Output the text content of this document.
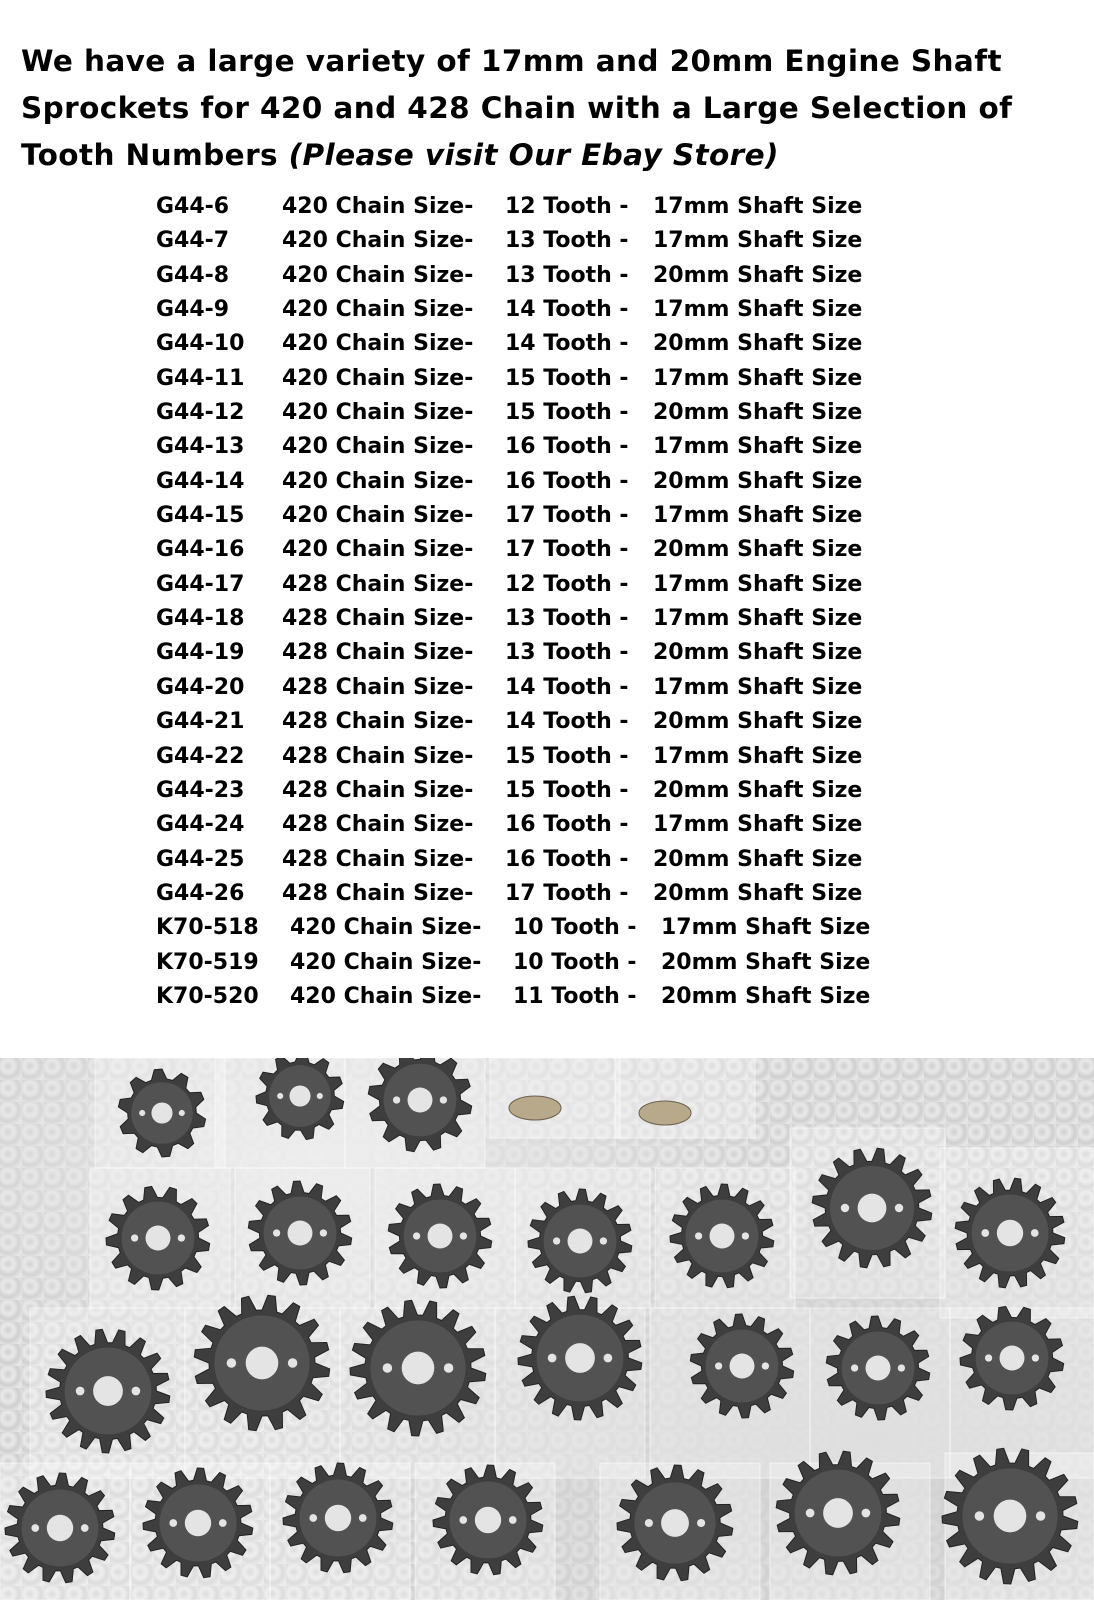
We have a large variety of 17mm and 20mm Engine Shaft
Sprockets for 420 and 428 Chain with a Large Selection of
Tooth Numbers (Please visit Our Ebay Store)
G44-6 420 Chain Size- 12 Tooth - 17mm Shaft Size
G44-7 420 Chain Size- 13 Tooth - 17mm Shaft Size
G44-8 420 Chain Size- 13 Tooth - 20mm Shaft Size
G44-9 420 Chain Size- 14 Tooth - 17mm Shaft Size
G44-10 420 Chain Size- 14 Tooth - 20mm Shaft Size
G44-11 420 Chain Size- 15 Tooth - 17mm Shaft Size
G44-12 420 Chain Size- 15 Tooth - 20mm Shaft Size
G44-13 420 Chain Size- 16 Tooth - 17mm Shaft Size
G44-14 420 Chain Size- 16 Tooth - 20mm Shaft Size
G44-15 420 Chain Size- 17 Tooth - 17mm Shaft Size
G44-16 420 Chain Size- 17 Tooth - 20mm Shaft Size
G44-17 428 Chain Size- 12 Tooth - 17mm Shaft Size
G44-18 428 Chain Size- 13 Tooth - 17mm Shaft Size
G44-19 428 Chain Size- 13 Tooth - 20mm Shaft Size
G44-20 428 Chain Size- 14 Tooth - 17mm Shaft Size
G44-21 428 Chain Size- 14 Tooth - 20mm Shaft Size
G44-22 428 Chain Size- 15 Tooth - 17mm Shaft Size
G44-23 428 Chain Size- 15 Tooth - 20mm Shaft Size
G44-24 428 Chain Size- 16 Tooth - 17mm Shaft Size
G44-25 428 Chain Size- 16 Tooth - 20mm Shaft Size
G44-26 428 Chain Size- 17 Tooth - 20mm Shaft Size
K70-518 420 Chain Size- 10 Tooth - 17mm Shaft Size
K70-519 420 Chain Size- 10 Tooth - 20mm Shaft Size
K70-520 420 Chain Size- 11 Tooth - 20mm Shaft Size
